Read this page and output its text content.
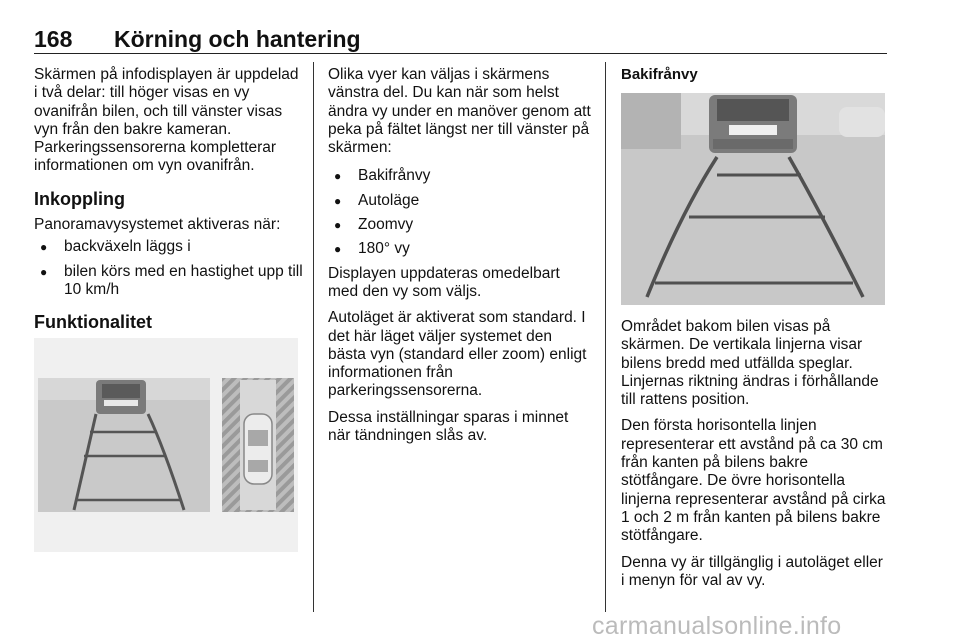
168 Körning och hantering

Skärmen på infodisplayen är uppdelad i två delar: till höger visas en vy ovanifrån bilen, och till vänster visas vyn från den bakre kameran. Parkeringssensorerna kompletterar informationen om vyn ovanifrån.

Inkoppling

Panoramavysystemet aktiveras när:

● backväxeln läggs i
● bilen körs med en hastighet upp till 10 km/h
Funktionalitet

Olika vyer kan väljas i skärmens vänstra del. Du kan när som helst ändra vy under en manöver genom att peka på fältet längst ner till vänster på skärmen:

● Bakifrånvy
● Autoläge
● Zoomvy
● 180° vy

Displayen uppdateras omedelbart med den vy som väljs.

Autoläget är aktiverat som standard. I det här läget väljer systemet den bästa vyn (standard eller zoom) enligt informationen från parkeringssensorerna.

Dessa inställningar sparas i minnet när tändningen slås av.

Bakifrånvy

Området bakom bilen visas på skärmen. De vertikala linjerna visar bilens bredd med utfällda speglar. Linjernas riktning ändras i förhållande till rattens position.

Den första horisontella linjen representerar ett avstånd på ca 30 cm från kanten på bilens bakre stötfångare. De övre horisontella linjerna representerar avstånd på cirka 1 och 2 m från kanten på bilens bakre stötfångare.

Denna vy är tillgänglig i autoläget eller i menyn för val av vy.

carmanualsonline.info
